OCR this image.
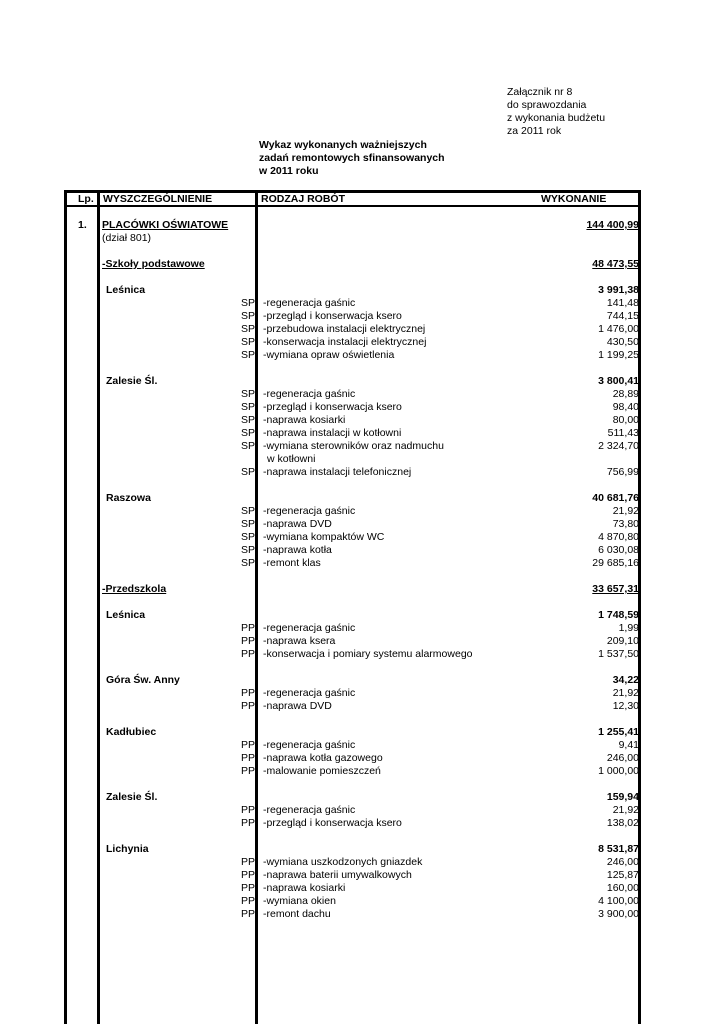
Załącznik nr 8
do sprawozdania
z wykonania budżetu
za 2011 rok
Wykaz wykonanych ważniejszych
zadań remontowych sfinansowanych
w 2011 roku
Lp. WYSZCZEGÓLNIENIE	RODZAJ ROBÓT	WYKONANIE
1. PLACÓWKI OŚWIATOWE	144 400,99
(dział 801)
-Szkoły podstawowe	48 473,55
Leśnica	3 991,38
SP -regeneracja gaśnic	141,48
SP -przegląd i konserwacja ksero	744,15
SP -przebudowa instalacji elektrycznej	1 476,00
SP -konserwacja instalacji elektrycznej	430,50
SP -wymiana opraw oświetlenia	1 199,25
Zalesie Śl.	3 800,41
SP -regeneracja gaśnic	28,89
SP -przegląd i konserwacja ksero	98,40
SP -naprawa kosiarki	80,00
SP -naprawa instalacji w kotłowni	511,43
SP -wymiana sterowników oraz nadmuchu	2 324,70
w kotłowni
SP -naprawa instalacji telefonicznej	756,99
Raszowa	40 681,76
SP -regeneracja gaśnic	21,92
SP -naprawa DVD	73,80
SP -wymiana kompaktów WC	4 870,80
SP -naprawa kotła	6 030,08
SP -remont klas	29 685,16
-Przedszkola	33 657,31
Leśnica	1 748,59
PP -regeneracja gaśnic	1,99
PP -naprawa ksera	209,10
PP -konserwacja i pomiary systemu alarmowego	1 537,50
Góra Św. Anny	34,22
PP -regeneracja gaśnic	21,92
PP -naprawa DVD	12,30
Kadłubiec	1 255,41
PP -regeneracja gaśnic	9,41
PP -naprawa kotła gazowego	246,00
PP -malowanie pomieszczeń	1 000,00
Zalesie Śl.	159,94
PP -regeneracja gaśnic	21,92
PP -przegląd i konserwacja ksero	138,02
Lichynia	8 531,87
PP -wymiana uszkodzonych gniazdek	246,00
PP -naprawa baterii umywalkowych	125,87
PP -naprawa kosiarki	160,00
PP -wymiana okien	4 100,00
PP -remont dachu	3 900,00
